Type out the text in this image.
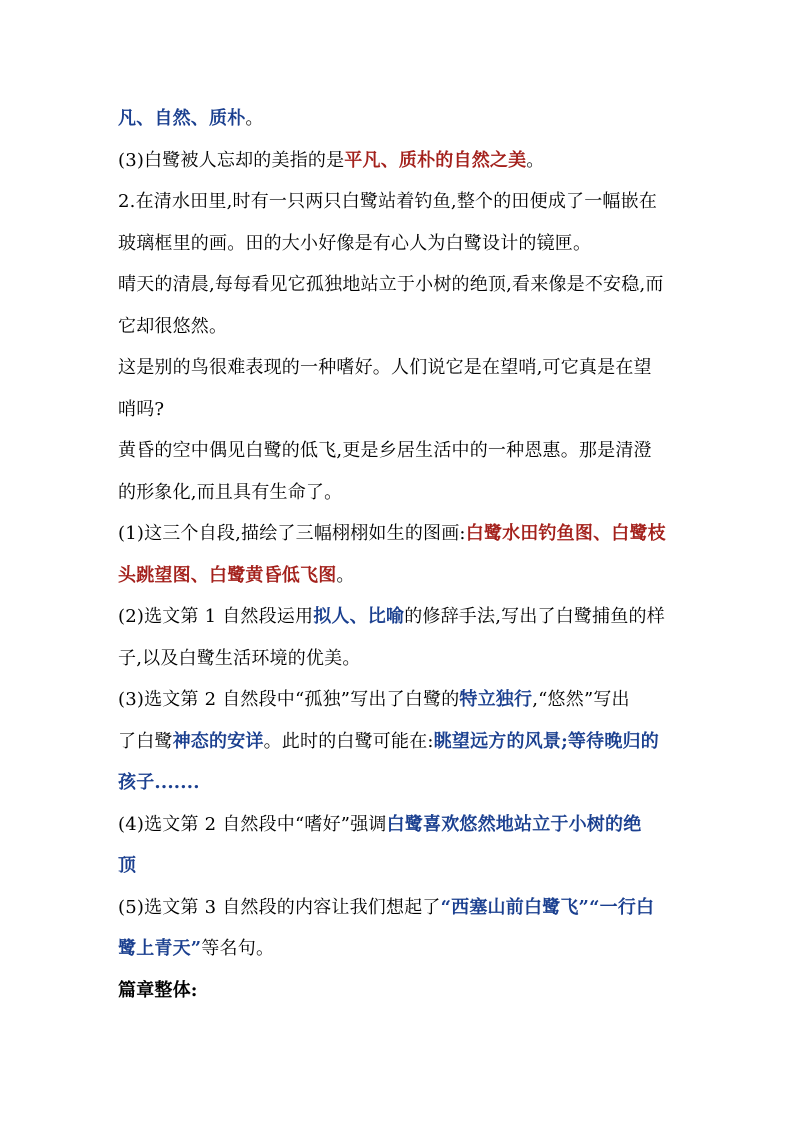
凡、自然、质朴。
(3)白鹭被人忘却的美指的是平凡、质朴的自然之美。
2.在清水田里,时有一只两只白鹭站着钓鱼,整个的田便成了一幅嵌在
玻璃框里的画。田的大小好像是有心人为白鹭设计的镜匣。
晴天的清晨,每每看见它孤独地站立于小树的绝顶,看来像是不安稳,而
它却很悠然。
这是别的鸟很难表现的一种嗜好。人们说它是在望哨,可它真是在望
哨吗?
黄昏的空中偶见白鹭的低飞,更是乡居生活中的一种恩惠。那是清澄
的形象化,而且具有生命了。
(1)这三个自段,描绘了三幅栩栩如生的图画:白鹭水田钓鱼图、白鹭枝
头跳望图、白鹭黄昏低飞图。
(2)选文第 1 自然段运用拟人、比喻的修辞手法,写出了白鹭捕鱼的样
子,以及白鹭生活环境的优美。
(3)选文第 2 自然段中“孤独”写出了白鹭的特立独行,“悠然”写出
了白鹭神态的安详。此时的白鹭可能在:眺望远方的风景;等待晚归的
孩子.......
(4)选文第 2 自然段中“嗜好”强调白鹭喜欢悠然地站立于小树的绝
顶
(5)选文第 3 自然段的内容让我们想起了“西塞山前白鹭飞”“一行白
鹭上青天”等名句。
篇章整体:
